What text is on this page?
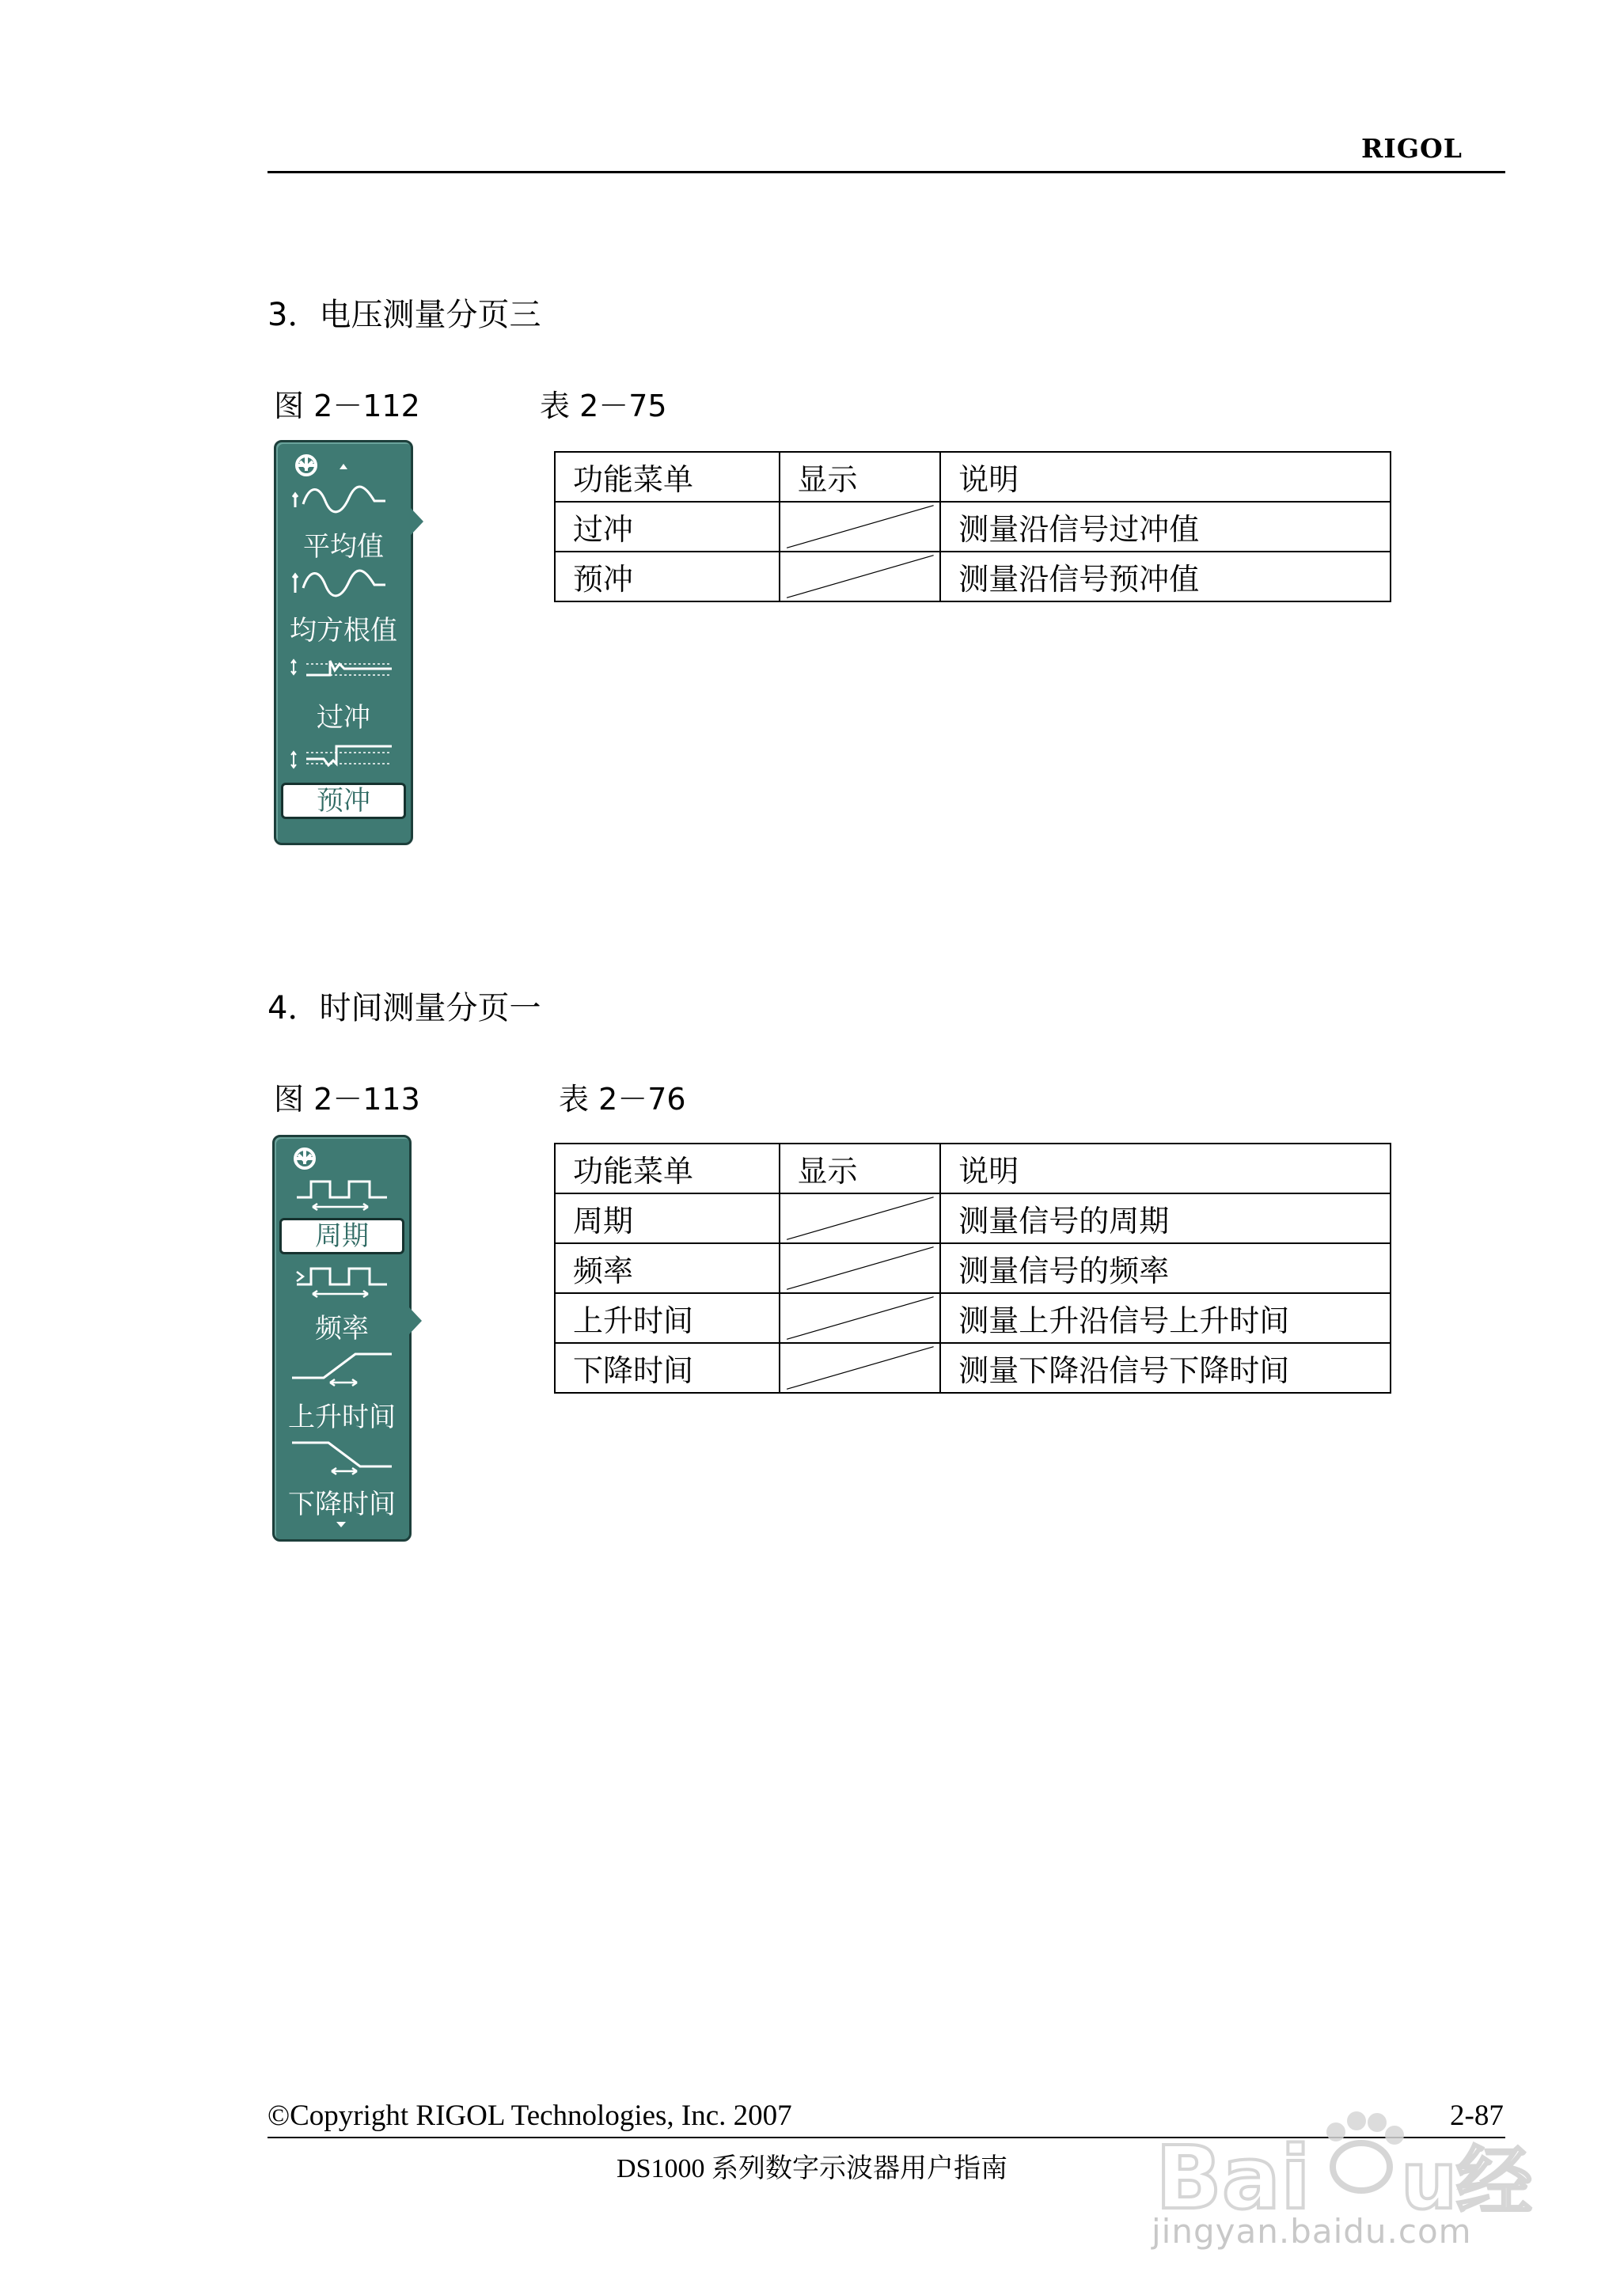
RIGOL
3．电压测量分页三
图 2－112	表 2－75
平均值
均方根值
过冲
预冲
功能菜单	显示	说明
过冲		测量沿信号过冲值
预冲		测量沿信号预冲值
4．时间测量分页一
图 2－113	表 2－76
周期
频率
上升时间
下降时间
功能菜单	显示	说明
周期		测量信号的周期
频率		测量信号的频率
上升时间		测量上升沿信号上升时间
下降时间		测量下降沿信号下降时间
©Copyright RIGOL Technologies, Inc. 2007	2-87
DS1000 系列数字示波器用户指南	Bai u
经
jingyan.baidu.com
